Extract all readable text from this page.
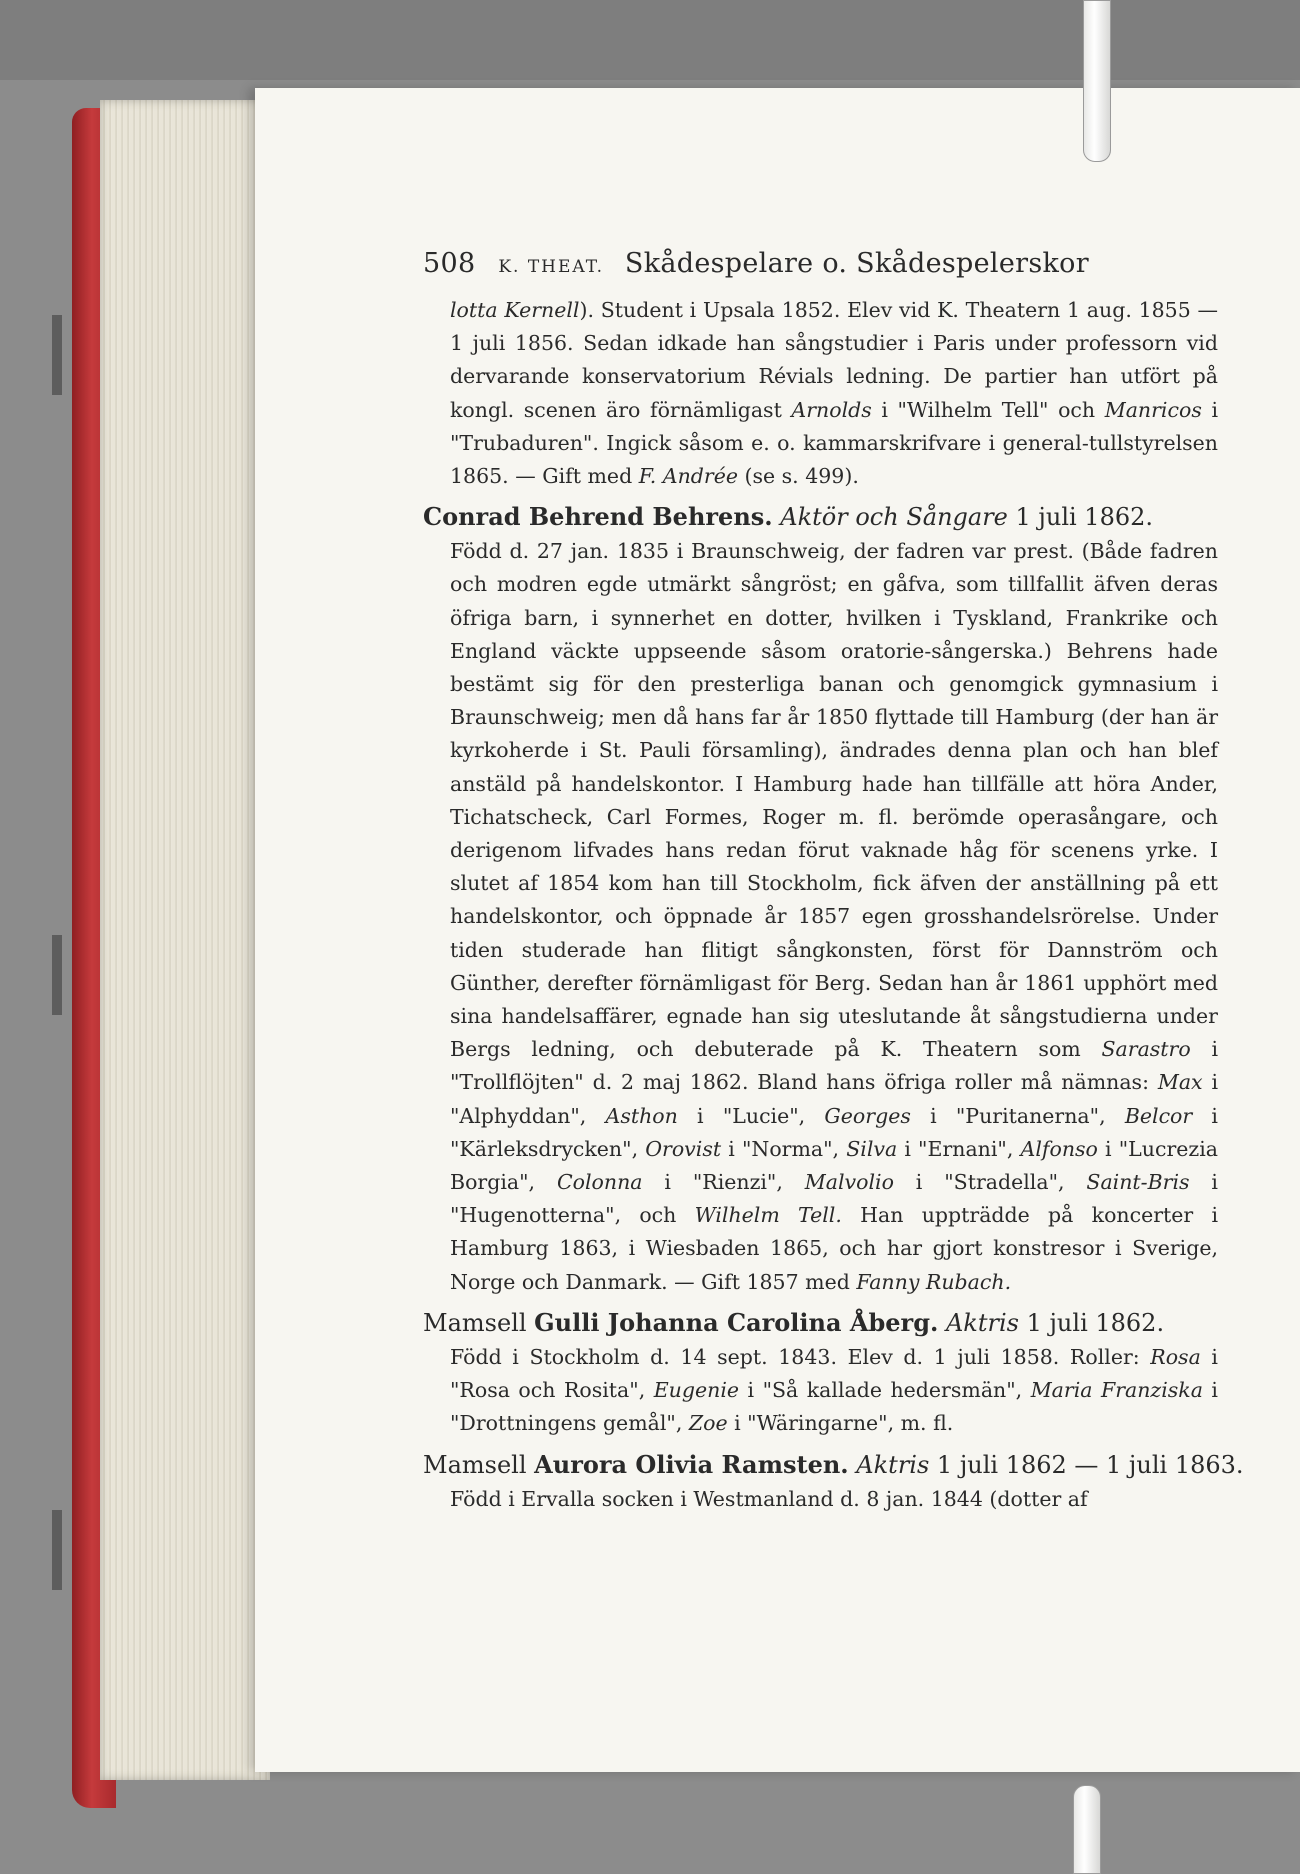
508 K. THEAT. Skådespelare o. Skådespelerskor
lotta Kernell). Student i Upsala 1852. Elev vid K. Theatern 1 aug. 1855 — 1 juli 1856. Sedan idkade han sångstudier i Paris under professorn vid dervarande konservatorium Révials ledning. De partier han utfört på kongl. scenen äro förnämligast Arnolds i "Wilhelm Tell" och Manricos i "Trubaduren". Ingick såsom e. o. kammarskrifvare i general-tullstyrelsen 1865. — Gift med F. Andrée (se s. 499).
Conrad Behrend Behrens. Aktör och Sångare 1 juli 1862.
Född d. 27 jan. 1835 i Braunschweig, der fadren var prest. (Både fadren och modren egde utmärkt sångröst; en gåfva, som tillfallit äfven deras öfriga barn, i synnerhet en dotter, hvilken i Tyskland, Frankrike och England väckte uppseende såsom oratorie-sångerska.) Behrens hade bestämt sig för den presterliga banan och genomgick gymnasium i Braunschweig; men då hans far år 1850 flyttade till Hamburg (der han är kyrkoherde i St. Pauli församling), ändrades denna plan och han blef anstäld på handelskontor. I Hamburg hade han tillfälle att höra Ander, Tichatscheck, Carl Formes, Roger m. fl. berömde operasångare, och derigenom lifvades hans redan förut vaknade håg för scenens yrke. I slutet af 1854 kom han till Stockholm, fick äfven der anställning på ett handelskontor, och öppnade år 1857 egen grosshandelsrörelse. Under tiden studerade han flitigt sångkonsten, först för Dannström och Günther, derefter förnämligast för Berg. Sedan han år 1861 upphört med sina handelsaffärer, egnade han sig uteslutande åt sångstudierna under Bergs ledning, och debuterade på K. Theatern som Sarastro i "Trollflöjten" d. 2 maj 1862. Bland hans öfriga roller må nämnas: Max i "Alphyddan", Asthon i "Lucie", Georges i "Puritanerna", Belcor i "Kärleksdrycken", Orovist i "Norma", Silva i "Ernani", Alfonso i "Lucrezia Borgia", Colonna i "Rienzi", Malvolio i "Stradella", Saint-Bris i "Hugenotterna", och Wilhelm Tell. Han uppträdde på koncerter i Hamburg 1863, i Wiesbaden 1865, och har gjort konstresor i Sverige, Norge och Danmark. — Gift 1857 med Fanny Rubach.
Mamsell Gulli Johanna Carolina Åberg. Aktris 1 juli 1862.
Född i Stockholm d. 14 sept. 1843. Elev d. 1 juli 1858. Roller: Rosa i "Rosa och Rosita", Eugenie i "Så kallade hedersmän", Maria Franziska i "Drottningens gemål", Zoe i "Wäringarne", m. fl.
Mamsell Aurora Olivia Ramsten. Aktris 1 juli 1862 — 1 juli 1863.
Född i Ervalla socken i Westmanland d. 8 jan. 1844 (dotter af
